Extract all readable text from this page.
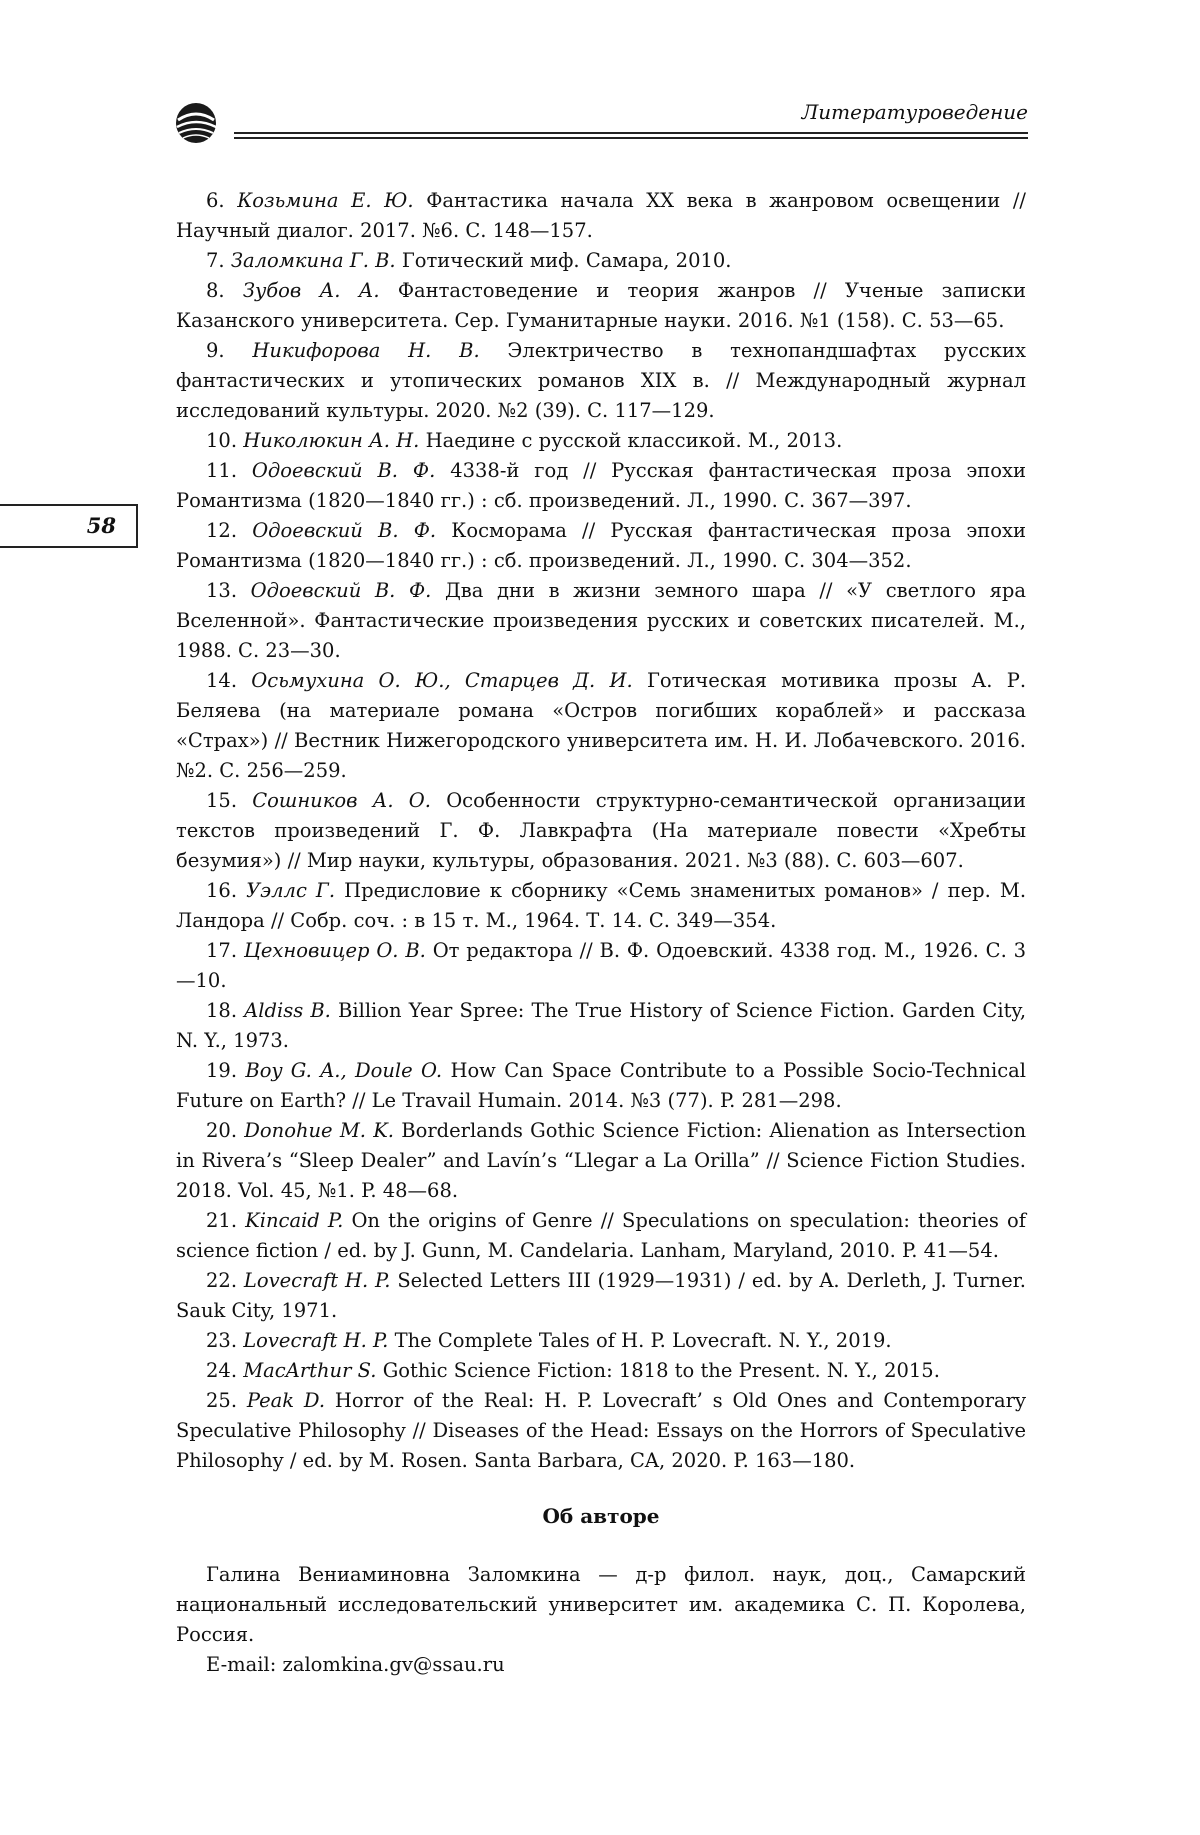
Литературоведение
58

6. Козьмина Е. Ю. Фантастика начала XX века в жанровом освещении // Научный диалог. 2017. №6. С. 148—157.

7. Заломкина Г. В. Готический миф. Самара, 2010.

8. Зубов А. А. Фантастоведение и теория жанров // Ученые записки Казанского университета. Сер. Гуманитарные науки. 2016. №1 (158). С. 53—65.

9. Никифорова Н. В. Электричество в технопандшафтах русских фантастических и утопических романов XIX в. // Международный журнал исследований культуры. 2020. №2 (39). С. 117—129.

10. Николюкин А. Н. Наедине с русской классикой. М., 2013.

11. Одоевский В. Ф. 4338-й год // Русская фантастическая проза эпохи Романтизма (1820—1840 гг.) : сб. произведений. Л., 1990. С. 367—397.

12. Одоевский В. Ф. Косморама // Русская фантастическая проза эпохи Романтизма (1820—1840 гг.) : сб. произведений. Л., 1990. С. 304—352.

13. Одоевский В. Ф. Два дни в жизни земного шара // «У светлого яра Вселенной». Фантастические произведения русских и советских писателей. М., 1988. С. 23—30.

14. Осьмухина О. Ю., Старцев Д. И. Готическая мотивика прозы А. Р. Беляева (на материале романа «Остров погибших кораблей» и рассказа «Страх») // Вестник Нижегородского университета им. Н. И. Лобачевского. 2016. №2. С. 256—259.

15. Сошников А. О. Особенности структурно-семантической организации текстов произведений Г. Ф. Лавкрафта (На материале повести «Хребты безумия») // Мир науки, культуры, образования. 2021. №3 (88). С. 603—607.

16. Уэллс Г. Предисловие к сборнику «Семь знаменитых романов» / пер. М. Ландора // Собр. соч. : в 15 т. М., 1964. Т. 14. С. 349—354.

17. Цехновицер О. В. От редактора // В. Ф. Одоевский. 4338 год. М., 1926. С. 3—10.

18. Aldiss B. Billion Year Spree: The True History of Science Fiction. Garden City, N. Y., 1973.

19. Boy G. A., Doule O. How Can Space Contribute to a Possible Socio-Technical Future on Earth? // Le Travail Humain. 2014. №3 (77). P. 281—298.

20. Donohue M. K. Borderlands Gothic Science Fiction: Alienation as Intersection in Rivera’s “Sleep Dealer” and Lavín’s “Llegar a La Orilla” // Science Fiction Studies. 2018. Vol. 45, №1. P. 48—68.

21. Kincaid P. On the origins of Genre // Speculations on speculation: theories of science fiction / ed. by J. Gunn, M. Candelaria. Lanham, Maryland, 2010. P. 41—54.

22. Lovecraft H. P. Selected Letters III (1929—1931) / ed. by A. Derleth, J. Turner. Sauk City, 1971.

23. Lovecraft H. P. The Complete Tales of H. P. Lovecraft. N. Y., 2019.

24. MacArthur S. Gothic Science Fiction: 1818 to the Present. N. Y., 2015.

25. Peak D. Horror of the Real: H. P. Lovecraft’ s Old Ones and Contemporary Speculative Philosophy // Diseases of the Head: Essays on the Horrors of Speculative Philosophy / ed. by M. Rosen. Santa Barbara, CA, 2020. P. 163—180.

Об авторе

Галина Вениаминовна Заломкина — д-р филол. наук, доц., Самарский национальный исследовательский университет им. академика С. П. Королева, Россия.

E-mail: zalomkina.gv@ssau.ru
